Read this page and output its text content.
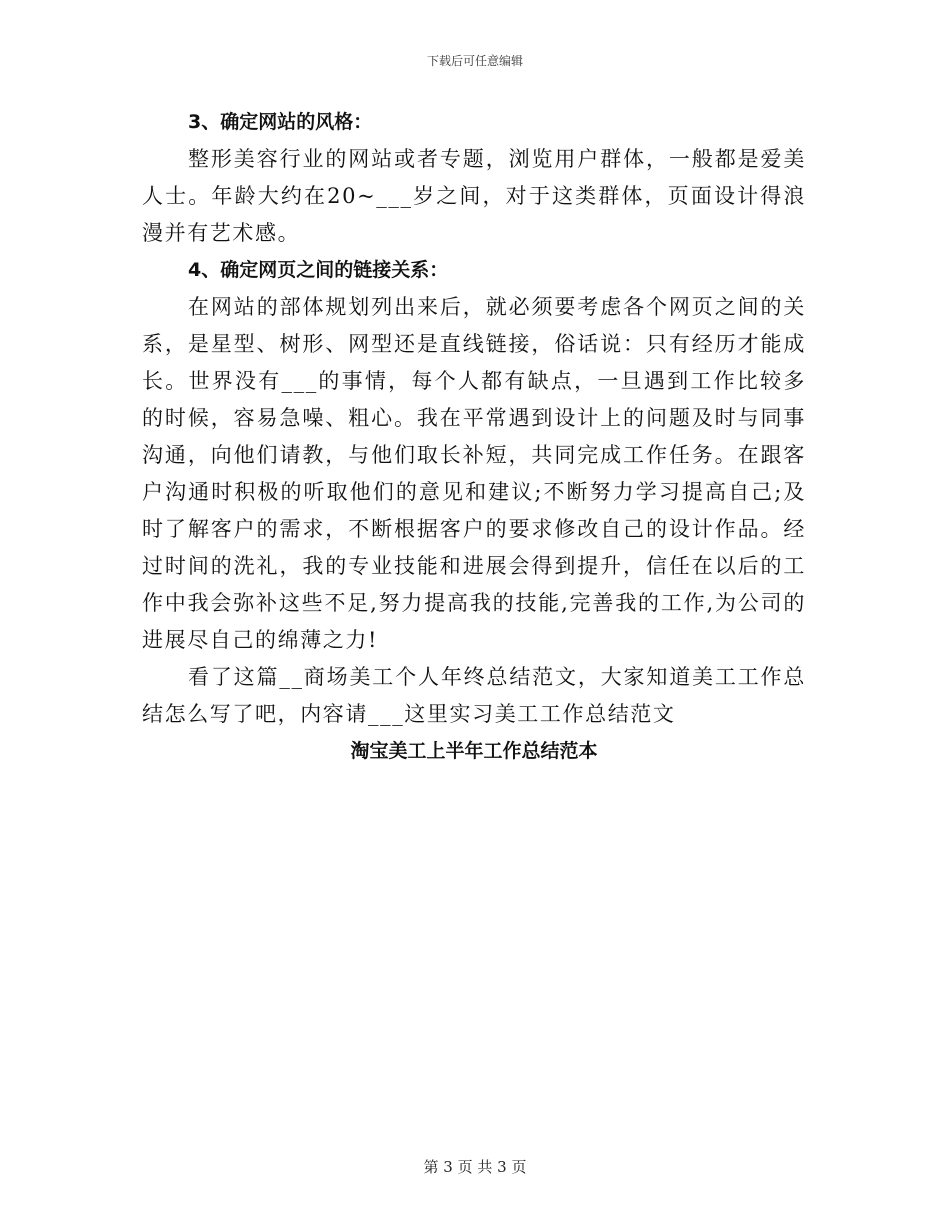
下载后可任意编辑
3、确定网站的风格：

整形美容行业的网站或者专题，浏览用户群体，一般都是爱美人士。年龄大约在20~___岁之间，对于这类群体，页面设计得浪漫并有艺术感。

4、确定网页之间的链接关系：

在网站的部体规划列出来后，就必须要考虑各个网页之间的关系，是星型、树形、网型还是直线链接，俗话说：只有经历才能成长。世界没有___的事情，每个人都有缺点，一旦遇到工作比较多的时候，容易急噪、粗心。我在平常遇到设计上的问题及时与同事沟通，向他们请教，与他们取长补短，共同完成工作任务。在跟客户沟通时积极的听取他们的意见和建议;不断努力学习提高自己;及时了解客户的需求，不断根据客户的要求修改自己的设计作品。经过时间的洗礼，我的专业技能和进展会得到提升，信任在以后的工作中我会弥补这些不足,努力提高我的技能,完善我的工作,为公司的进展尽自己的绵薄之力!

看了这篇__商场美工个人年终总结范文，大家知道美工工作总结怎么写了吧，内容请___这里实习美工工作总结范文

淘宝美工上半年工作总结范本

第 3 页 共 3 页
